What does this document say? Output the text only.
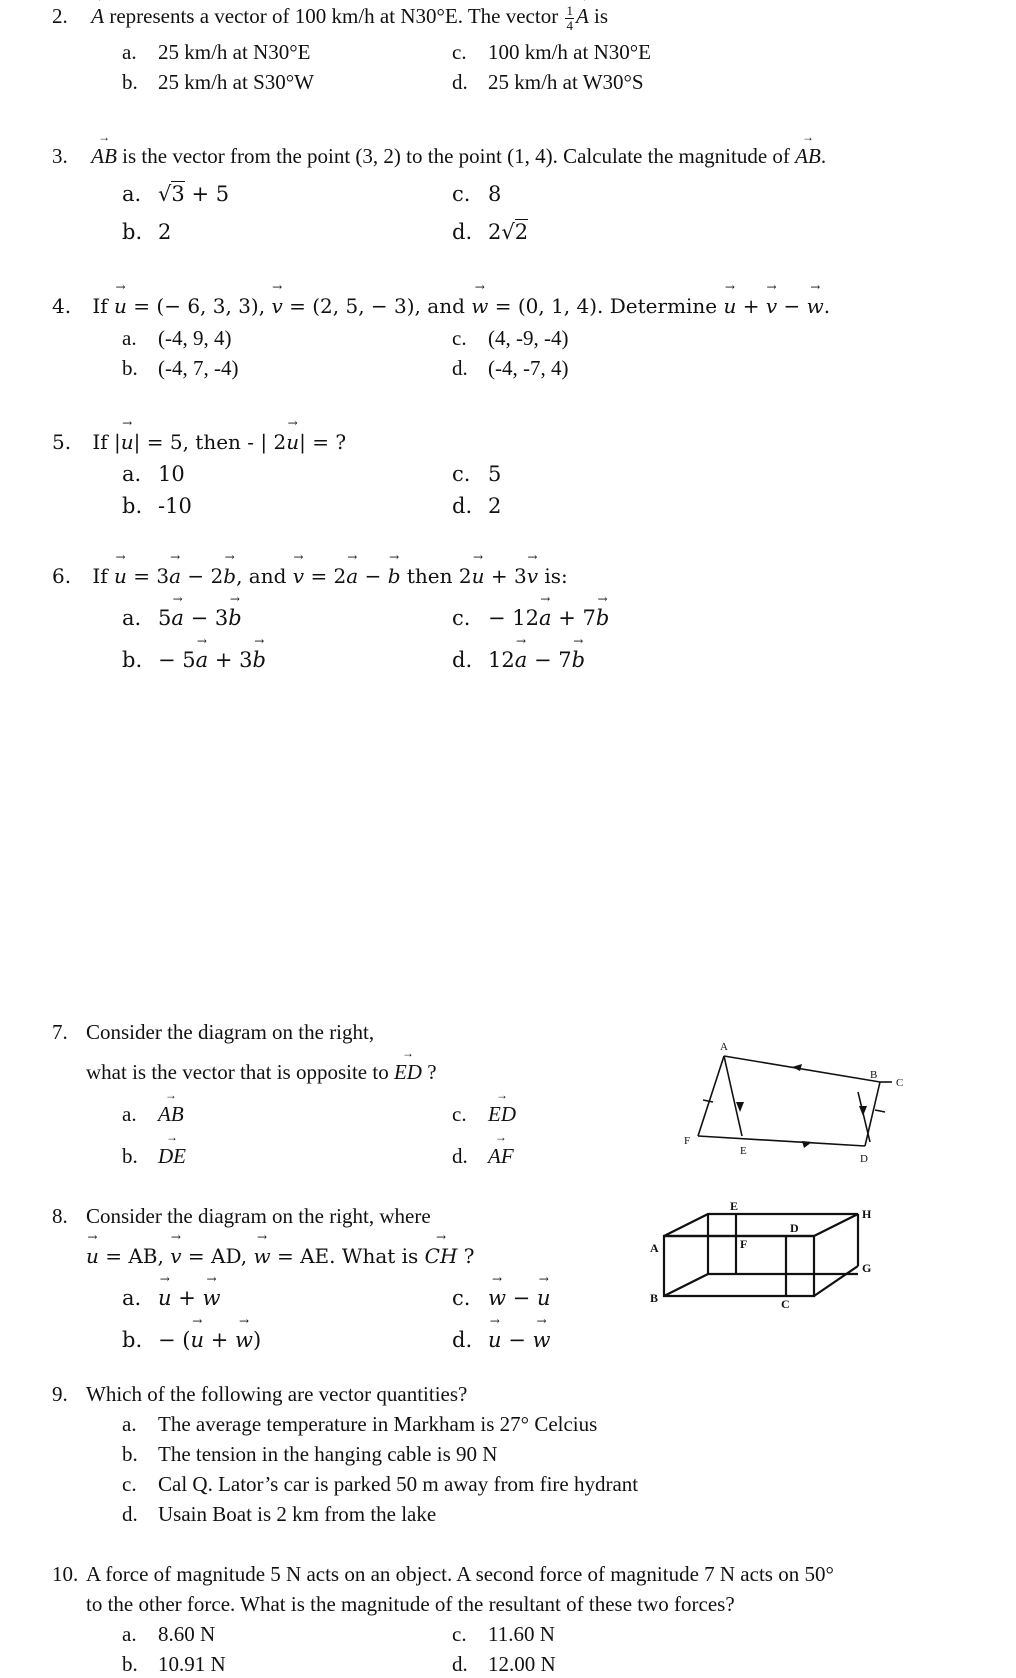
2. → A represents a vector of 100 km/h at N30°E. The vector $\frac{1}{4}$
→ A is
a. 25 km/h at N30°E
b. 25 km/h at S30°W
c. 100 km/h at N30°E
d. 25 km/h at W30°S
3. → AB is the vector from the point (3, 2) to the point (1, 4). Calculate the magnitude of → AB.
a. √3 + 5
b. 2
c. 8
d. 2√2
4. If → u = (− 6, 3, 3), → v = (2, 5, − 3), and → w = (0, 1, 4). Determine → u + → v − → w.
a. (-4, 9, 4)
b. (-4, 7, -4)
c. (4, -9, -4)
d. (-4, -7, 4)
5. If |→ u| = 5, then - | 2→ u| = ?
a. 10
b. -10
c. 5
d. 2
6. If → u = 3→ a − 2→ b, and → v = 2→ a − → b then 2→ u + 3→ v is:
a. 5→ a − 3→ b
b. − 5→ a + 3→ b
c. − 12→ a + 7→ b
d. 12→ a − 7→ b
7. Consider the diagram on the right,
what is the vector that is opposite to → ED ?
a.→ AB
b.→ DE
c.→ ED
d.→ AF
A
B
C
D
E
F
8. Consider the diagram on the right, where
→ u = AB, → v = AD, → w = AE. What is → CH ?
a.→ u + → w
b. − (→ u + → w)
c.→ w − → u
d.→ u − → w
A
B	C
D
E
F
G
H
9. Which of the following are vector quantities?
a. The average temperature in Markham is 27° Celcius
b. The tension in the hanging cable is 90 N
c. Cal Q. Lator’s car is parked 50 m away from fire hydrant
d. Usain Boat is 2 km from the lake
10. A force of magnitude 5 N acts on an object. A second force of magnitude 7 N acts on 50°
to the other force. What is the magnitude of the resultant of these two forces?
a. 8.60 N
b. 10.91 N
c. 11.60 N
d. 12.00 N
